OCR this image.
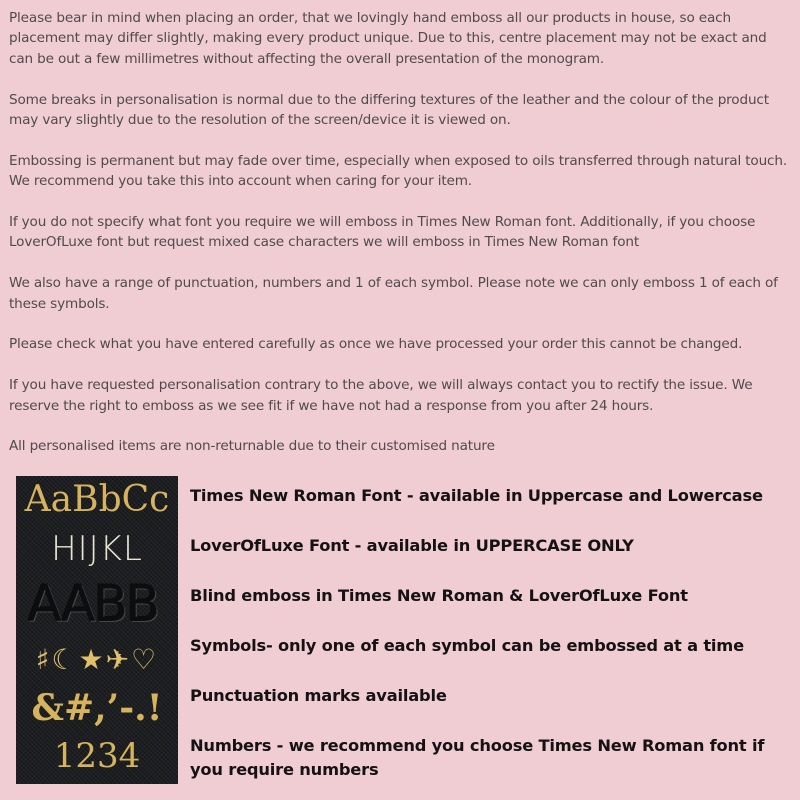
Please bear in mind when placing an order, that we lovingly hand emboss all our products in house, so each placement may differ slightly, making every product unique. Due to this, centre placement may not be exact and can be out a few millimetres without affecting the overall presentation of the monogram.

Some breaks in personalisation is normal due to the differing textures of the leather and the colour of the product may vary slightly due to the resolution of the screen/device it is viewed on.

Embossing is permanent but may fade over time, especially when exposed to oils transferred through natural touch. We recommend you take this into account when caring for your item.

If you do not specify what font you require we will emboss in Times New Roman font. Additionally, if you choose LoverOfLuxe font but request mixed case characters we will emboss in Times New Roman font

We also have a range of punctuation, numbers and 1 of each symbol. Please note we can only emboss 1 of each of these symbols.

Please check what you have entered carefully as once we have processed your order this cannot be changed.

If you have requested personalisation contrary to the above, we will always contact you to rectify the issue. We reserve the right to emboss as we see fit if we have not had a response from you after 24 hours.

All personalised items are non-returnable due to their customised nature

AaBbCc
HIJKL
AABB
♯☾★✈♡
&#,’-.!
1234
Times New Roman Font - available in Uppercase and Lowercase
LoverOfLuxe Font - available in UPPERCASE ONLY
Blind emboss in Times New Roman & LoverOfLuxe Font
Symbols- only one of each symbol can be embossed at a time
Punctuation marks available
Numbers - we recommend you choose Times New Roman font if you require numbers
